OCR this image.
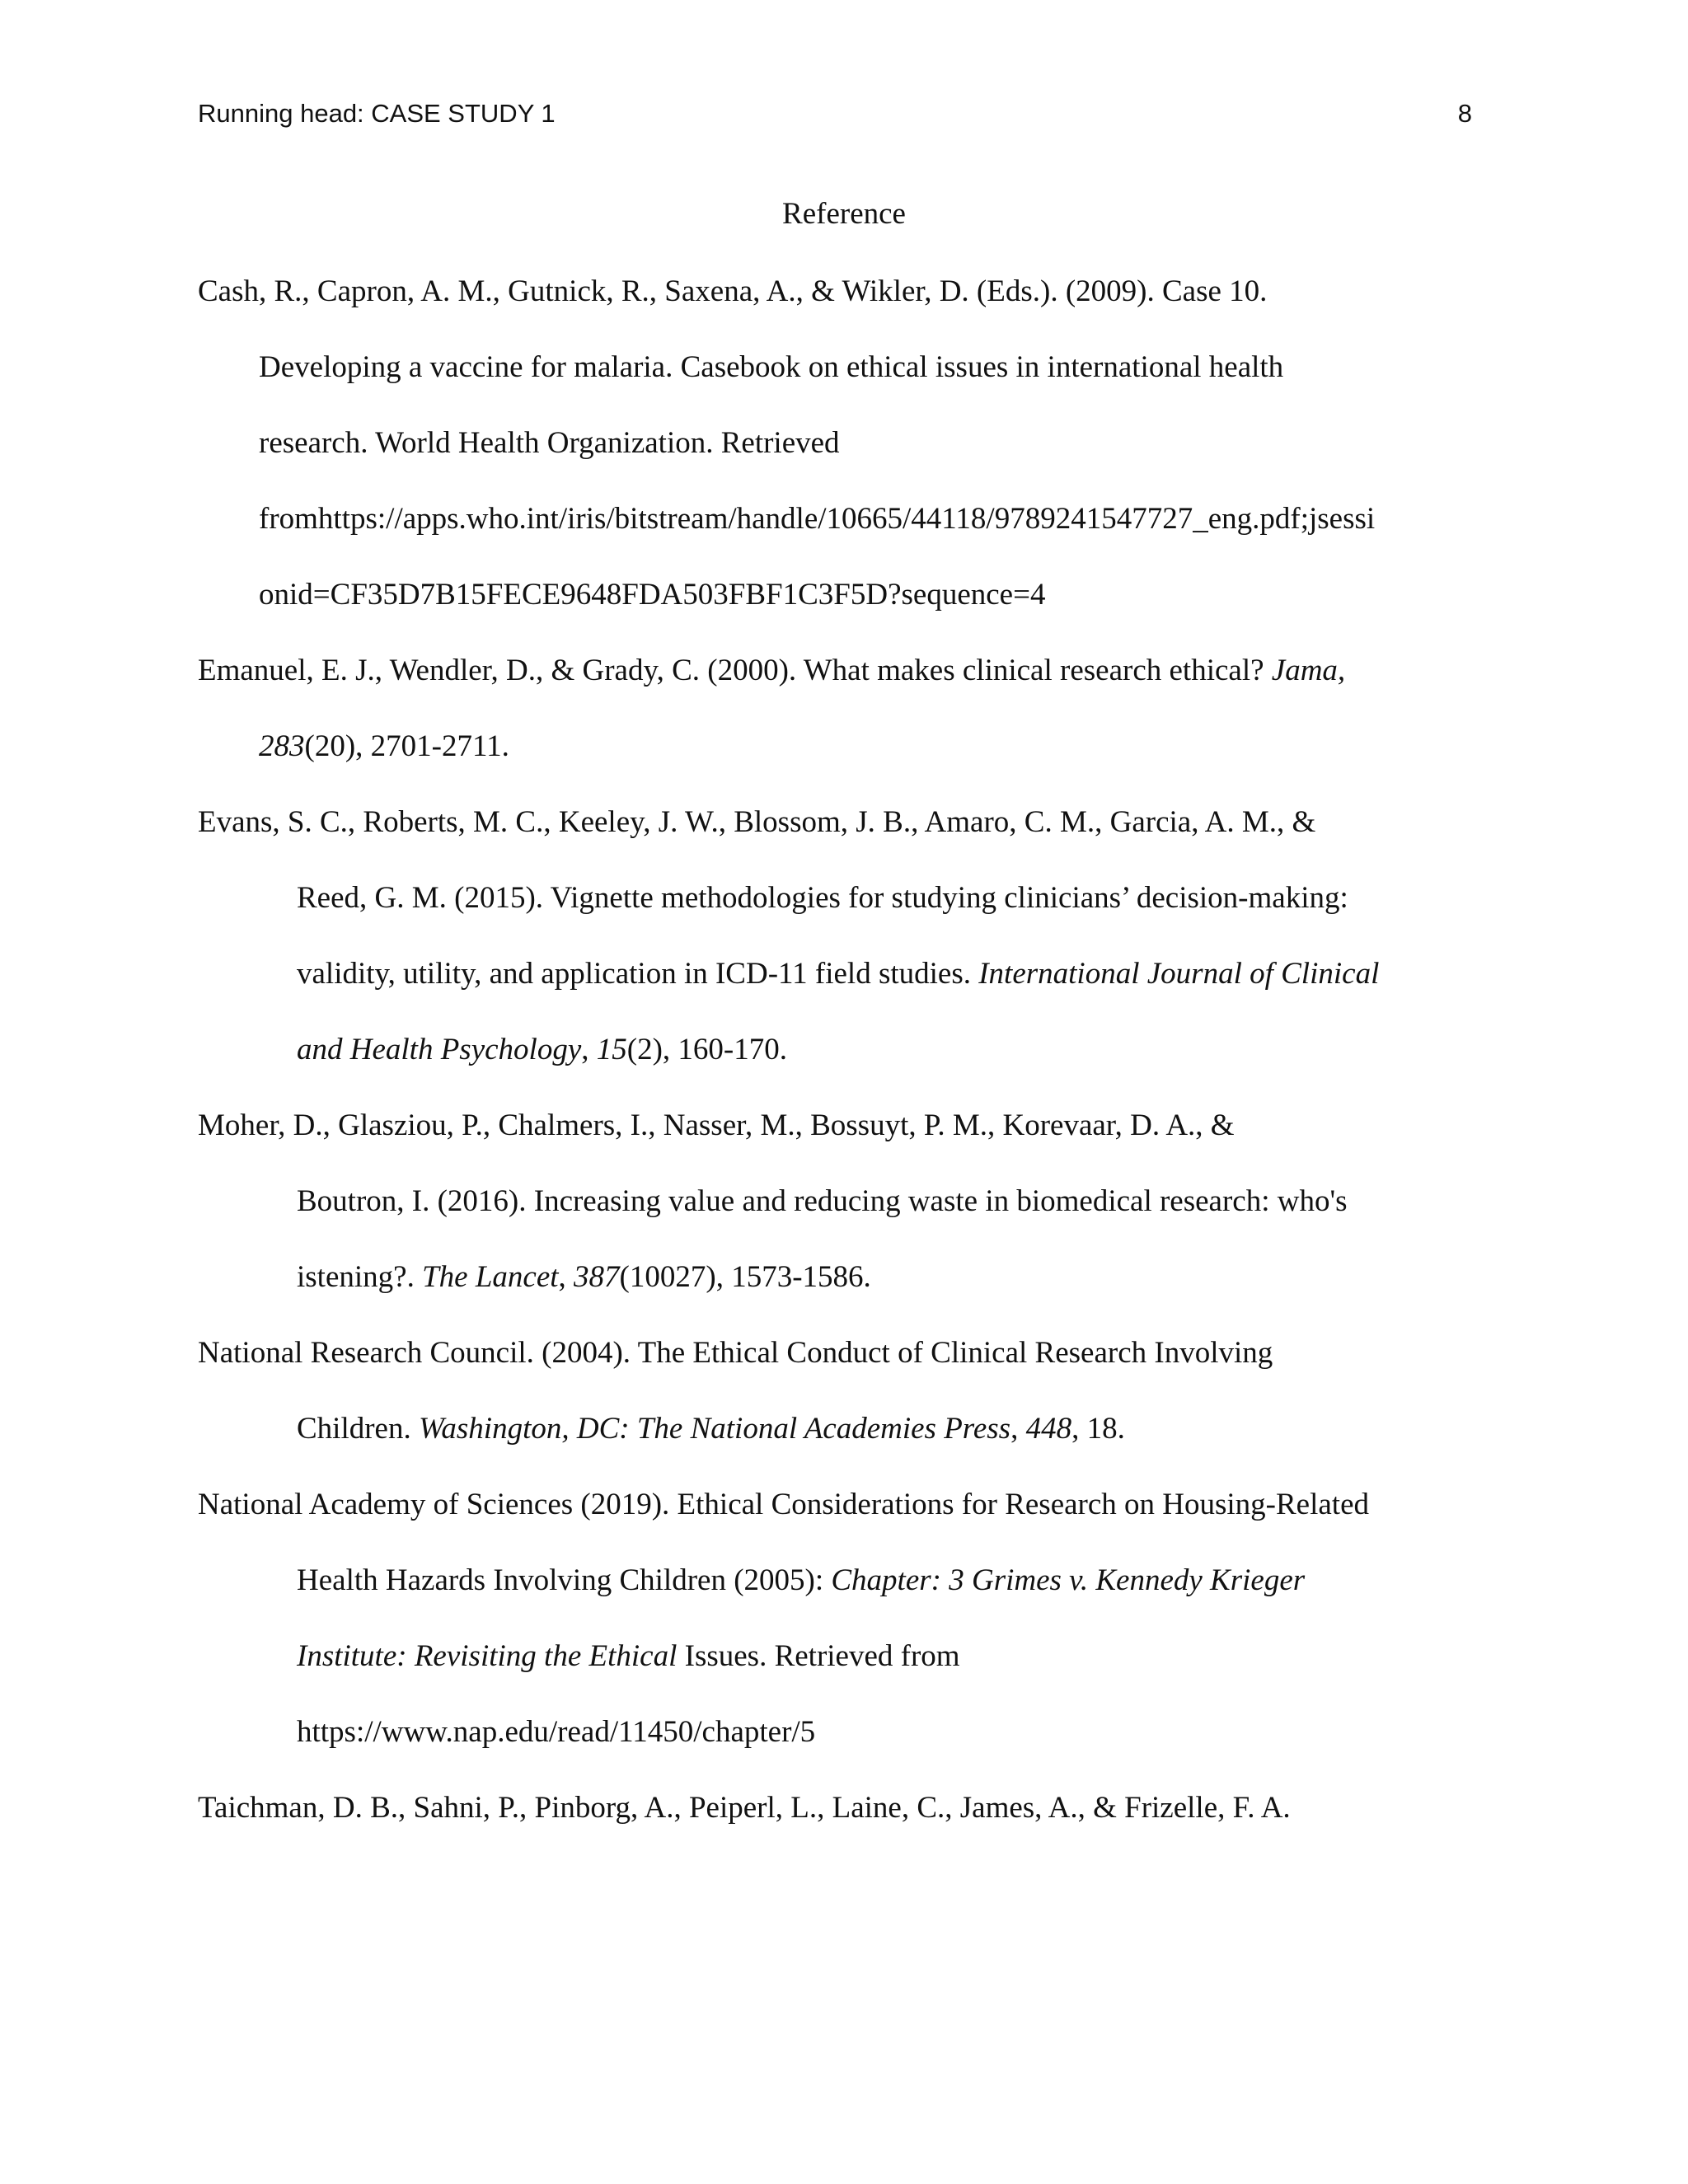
Running head: CASE STUDY 1	8
Reference
Cash, R., Capron, A. M., Gutnick, R., Saxena, A., & Wikler, D. (Eds.). (2009). Case 10.
Developing a vaccine for malaria. Casebook on ethical issues in international health
research. World Health Organization. Retrieved
fromhttps://apps.who.int/iris/bitstream/handle/10665/44118/9789241547727_eng.pdf;jsessi
onid=CF35D7B15FECE9648FDA503FBF1C3F5D?sequence=4
Emanuel, E. J., Wendler, D., & Grady, C. (2000). What makes clinical research ethical? Jama,
283(20), 2701-2711.
Evans, S. C., Roberts, M. C., Keeley, J. W., Blossom, J. B., Amaro, C. M., Garcia, A. M., &
Reed, G. M. (2015). Vignette methodologies for studying clinicians’ decision-making:
validity, utility, and application in ICD-11 field studies. International Journal of Clinical
and Health Psychology, 15(2), 160-170.
Moher, D., Glasziou, P., Chalmers, I., Nasser, M., Bossuyt, P. M., Korevaar, D. A., &
Boutron, I. (2016). Increasing value and reducing waste in biomedical research: who's
istening?. The Lancet, 387(10027), 1573-1586.
National Research Council. (2004). The Ethical Conduct of Clinical Research Involving
Children. Washington, DC: The National Academies Press, 448, 18.
National Academy of Sciences (2019). Ethical Considerations for Research on Housing-Related
Health Hazards Involving Children (2005): Chapter: 3 Grimes v. Kennedy Krieger
Institute: Revisiting the Ethical Issues. Retrieved from
https://www.nap.edu/read/11450/chapter/5
Taichman, D. B., Sahni, P., Pinborg, A., Peiperl, L., Laine, C., James, A., & Frizelle, F. A.
